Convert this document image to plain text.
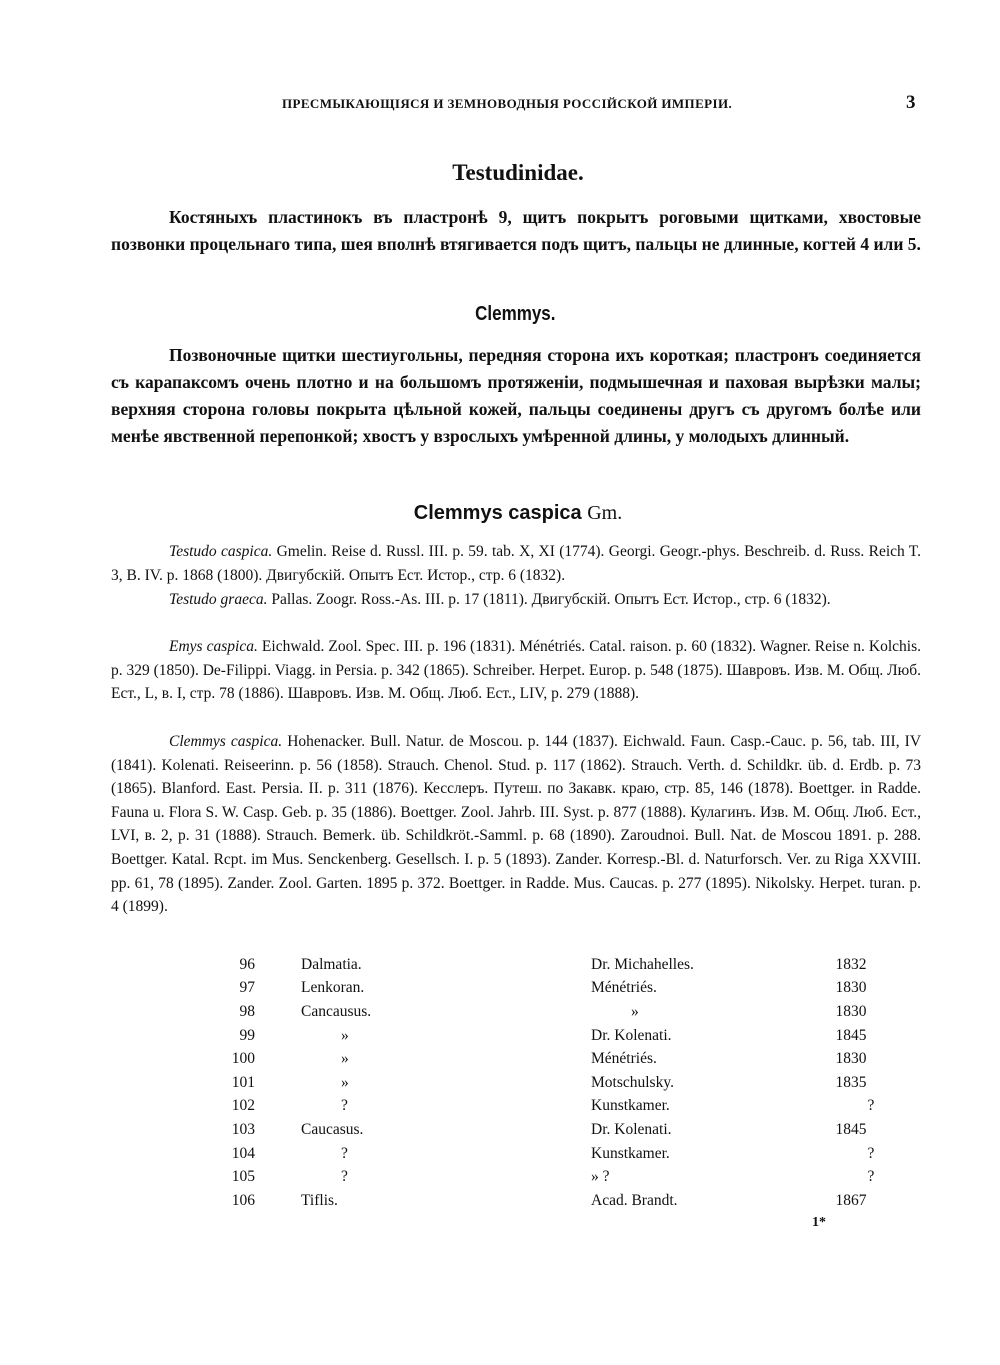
ПРЕСМЫКАЮЩІЯСЯ И ЗЕМНОВОДНЫЯ РОССІЙСКОЙ ИМПЕРІИ.	3
Testudinidae.
Костяныхъ пластинокъ въ пластронѣ 9, щитъ покрытъ роговыми щитками, хвостовые позвонки процельнаго типа, шея вполнѣ втягивается подъ щитъ, пальцы не длинные, когтей 4 или 5.
Clemmys.
Позвоночные щитки шестиугольны, передняя сторона ихъ короткая; пластронъ соединяется съ карапаксомъ очень плотно и на большомъ протяженіи, подмышечная и паховая вырѣзки малы; верхняя сторона головы покрыта цѣльной кожей, пальцы соединены другъ съ другомъ болѣе или менѣе явственной перепонкой; хвостъ у взрослыхъ умѣренной длины, у молодыхъ длинный.
Clemmys caspica Gm.
Testudo caspica. Gmelin. Reise d. Russl. III. p. 59. tab. X, XI (1774). Georgi. Geogr.-phys. Beschreib. d. Russ. Reich T. 3, B. IV. p. 1868 (1800). Двигубскій. Опытъ Ест. Истор., стр. 6 (1832).
Testudo graeca. Pallas. Zoogr. Ross.-As. III. p. 17 (1811). Двигубскій. Опытъ Ест. Истор., стр. 6 (1832).
Emys caspica. Eichwald. Zool. Spec. III. p. 196 (1831). Ménétriés. Catal. raison. p. 60 (1832). Wagner. Reise n. Kolchis. p. 329 (1850). De-Filippi. Viagg. in Persia. p. 342 (1865). Schreiber. Herpet. Europ. p. 548 (1875). Шавровъ. Изв. М. Общ. Люб. Ест., L, в. I, стр. 78 (1886). Шавровъ. Изв. М. Общ. Люб. Ест., LIV, p. 279 (1888).
Clemmys caspica. Hohenacker. Bull. Natur. de Moscou. p. 144 (1837). Eichwald. Faun. Casp.-Cauc. p. 56, tab. III, IV (1841). Kolenati. Reiseerinn. p. 56 (1858). Strauch. Chenol. Stud. p. 117 (1862). Strauch. Verth. d. Schildkr. üb. d. Erdb. p. 73 (1865). Blanford. East. Persia. II. p. 311 (1876). Кесслеръ. Путеш. по Закавк. краю, стр. 85, 146 (1878). Boettger. in Radde. Fauna u. Flora S. W. Casp. Geb. p. 35 (1886). Boettger. Zool. Jahrb. III. Syst. p. 877 (1888). Кулагинъ. Изв. М. Общ. Люб. Ест., LVI, в. 2, p. 31 (1888). Strauch. Bemerk. üb. Schildkröt.-Samml. p. 68 (1890). Zaroudnoi. Bull. Nat. de Moscou 1891. p. 288. Boettger. Katal. Rcpt. im Mus. Senckenberg. Gesellsch. I. p. 5 (1893). Zander. Korresp.-Bl. d. Naturforsch. Ver. zu Riga XXVIII. pp. 61, 78 (1895). Zander. Zool. Garten. 1895 p. 372. Boettger. in Radde. Mus. Caucas. p. 277 (1895). Nikolsky. Herpet. turan. p. 4 (1899).
96		Dalmatia.	Dr. Michahelles.	1832
97		Lenkoran.	Ménétriés.	1830
98		Cancausus.	»	1830
99		»	Dr. Kolenati.	1845
100		»	Ménétriés.	1830
101		»	Motschulsky.	1835
102		?	Kunstkamer.	?
103		Caucasus.	Dr. Kolenati.	1845
104		?	Kunstkamer.	?
105		?	» ?	?
106		Tiflis.	Acad. Brandt.	1867
1*
